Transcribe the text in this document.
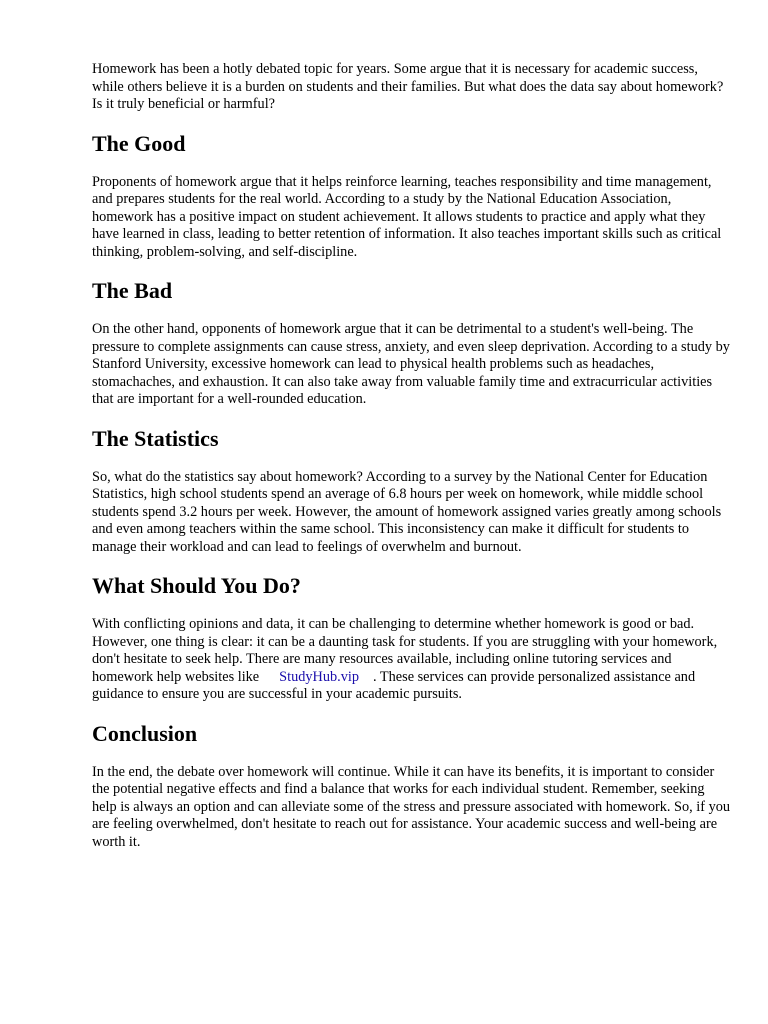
Homework has been a hotly debated topic for years. Some argue that it is necessary for academic success, while others believe it is a burden on students and their families. But what does the data say about homework? Is it truly beneficial or harmful?

The Good

Proponents of homework argue that it helps reinforce learning, teaches responsibility and time management, and prepares students for the real world. According to a study by the National Education Association, homework has a positive impact on student achievement. It allows students to practice and apply what they have learned in class, leading to better retention of information. It also teaches important skills such as critical thinking, problem-solving, and self-discipline.

The Bad

On the other hand, opponents of homework argue that it can be detrimental to a student's well-being. The pressure to complete assignments can cause stress, anxiety, and even sleep deprivation. According to a study by Stanford University, excessive homework can lead to physical health problems such as headaches, stomachaches, and exhaustion. It can also take away from valuable family time and extracurricular activities that are important for a well-rounded education.

The Statistics

So, what do the statistics say about homework? According to a survey by the National Center for Education Statistics, high school students spend an average of 6.8 hours per week on homework, while middle school students spend 3.2 hours per week. However, the amount of homework assigned varies greatly among schools and even among teachers within the same school. This inconsistency can make it difficult for students to manage their workload and can lead to feelings of overwhelm and burnout.

What Should You Do?

With conflicting opinions and data, it can be challenging to determine whether homework is good or bad. However, one thing is clear: it can be a daunting task for students. If you are struggling with your homework, don't hesitate to seek help. There are many resources available, including online tutoring services and homework help websites like StudyHub.vip . These services can provide personalized assistance and guidance to ensure you are successful in your academic pursuits.

Conclusion

In the end, the debate over homework will continue. While it can have its benefits, it is important to consider the potential negative effects and find a balance that works for each individual student. Remember, seeking help is always an option and can alleviate some of the stress and pressure associated with homework. So, if you are feeling overwhelmed, don't hesitate to reach out for assistance. Your academic success and well-being are worth it.
